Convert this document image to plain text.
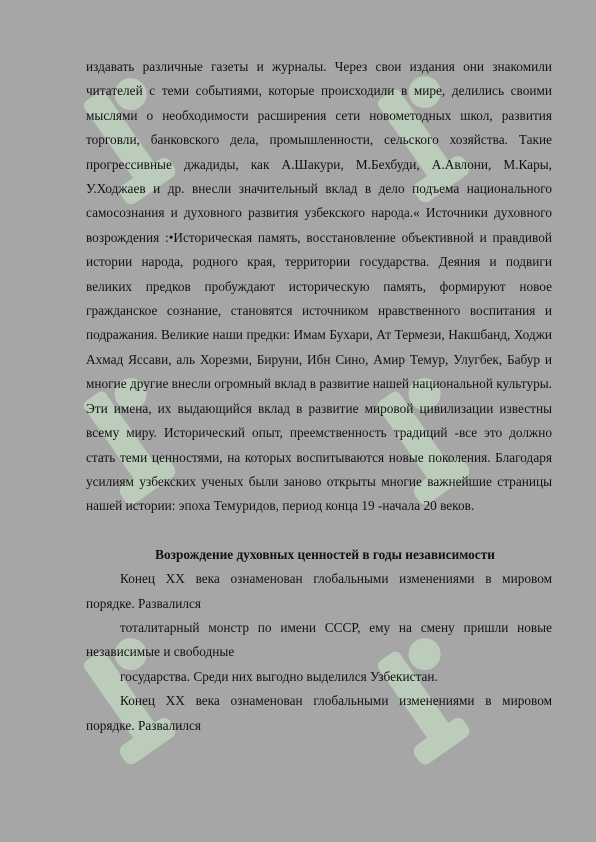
издавать различные газеты и журналы. Через свои издания они знакомили читателей с теми событиями, которые происходили в мире, делились своими мыслями о необходимости расширения сети новометодных школ, развития торговли, банковского дела, промышленности, сельского хозяйства. Такие прогрессивные джадиды, как А.Шакури, М.Бехбуди, А.Авлони, М.Кары, У.Ходжаев и др. внесли значительный вклад в дело подъема национального самосознания и духовного развития узбекского народа.« Источники духовного возрождения :•Историческая память, восстановление объективной и правдивой истории народа, родного края, территории государства. Деяния и подвиги великих предков пробуждают историческую память, формируют новое гражданское сознание, становятся источником нравственного воспитания и подражания. Великие наши предки: Имам Бухари, Ат Термези, Накшбанд, Ходжи Ахмад Яссави, аль Хорезми, Бируни, Ибн Сино, Амир Темур, Улугбек, Бабур и многие другие внесли огромный вклад в развитие нашей национальной культуры. Эти имена, их выдающийся вклад в развитие мировой цивилизации известны всему миру. Исторический опыт, преемственность традиций -все это должно стать теми ценностями, на которых воспитываются новые поколения. Благодаря усилиям узбекских ученых были заново открыты многие важнейшие страницы нашей истории: эпоха Темуридов, период конца 19 -начала 20 веков.

Возрождение духовных ценностей в годы независимости

Конец XX века ознаменован глобальными изменениями в мировом порядке. Развалился

тоталитарный монстр по имени СССР, ему на смену пришли новые независимые и свободные

государства. Среди них выгодно выделился Узбекистан.

Конец XX века ознаменован глобальными изменениями в мировом порядке. Развалился
